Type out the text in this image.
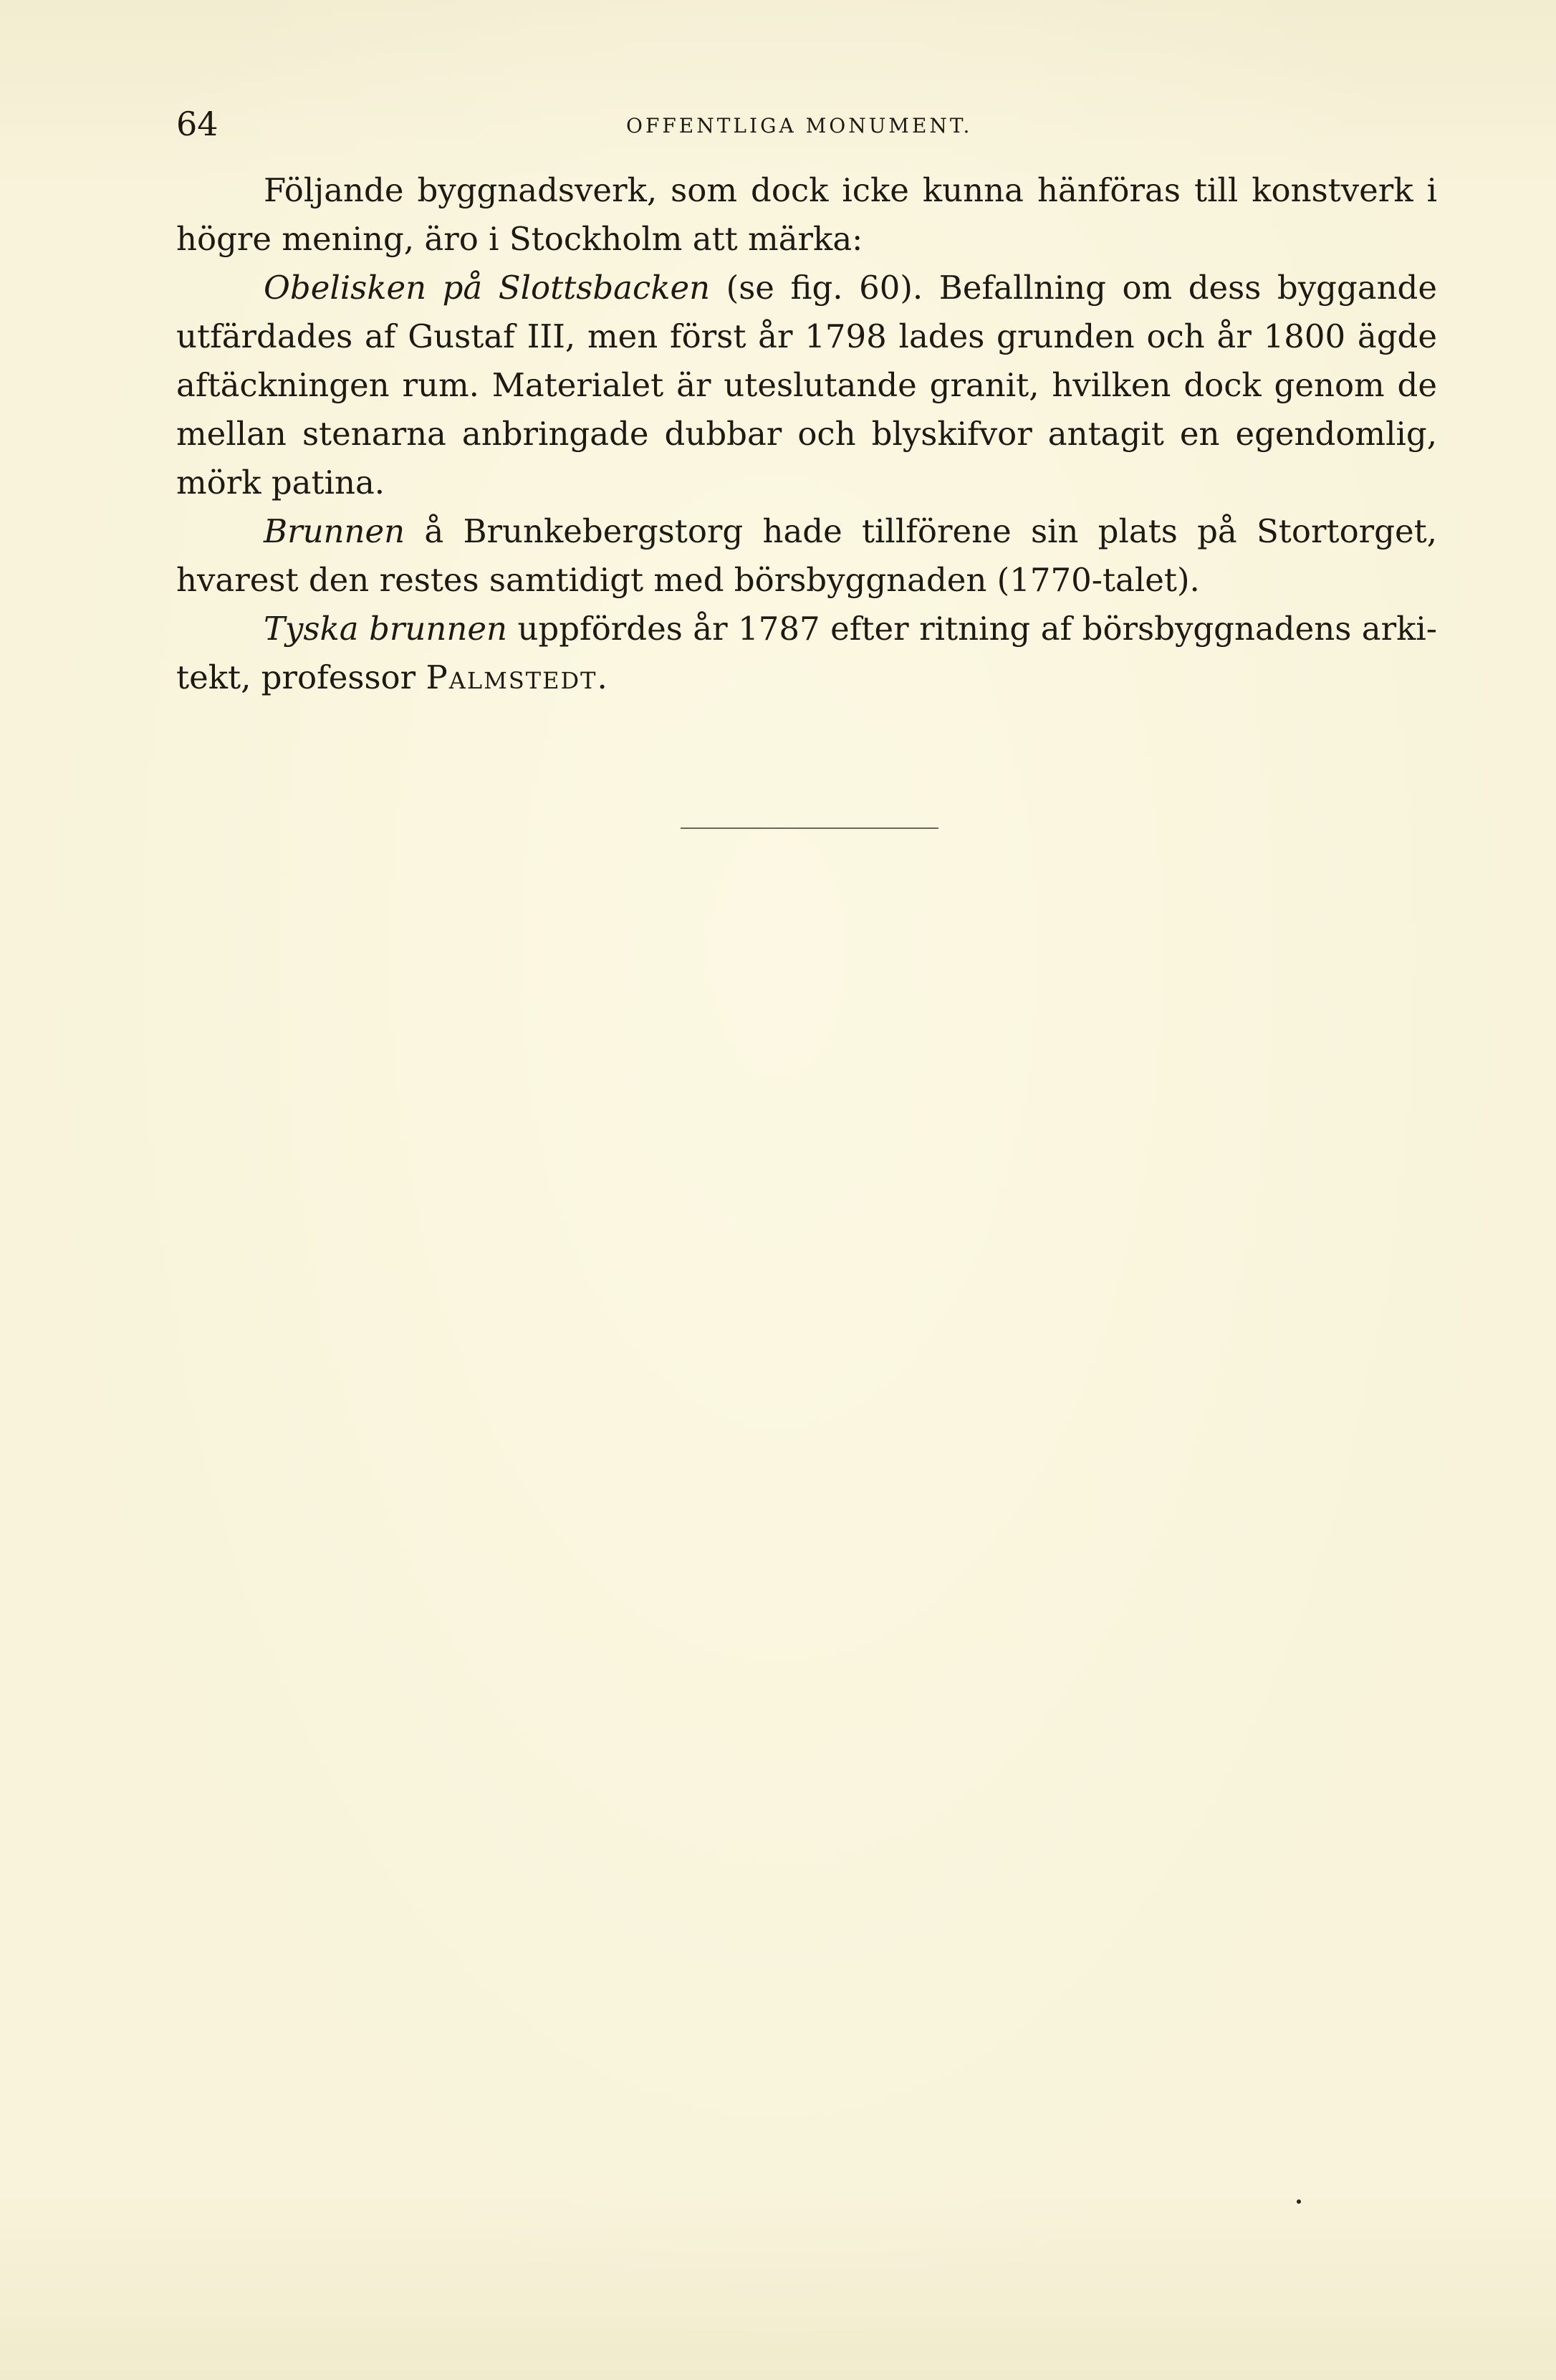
64	OFFENTLIGA MONUMENT.

Följande byggnadsverk, som dock icke kunna hänföras till konstverk i högre mening, äro i Stockholm att märka:

Obelisken på Slottsbacken (se fig. 60). Befallning om dess byggande utfärdades af Gustaf III, men först år 1798 lades grunden och år 1800 ägde aftäckningen rum. Materialet är uteslutande granit, hvilken dock genom de mellan stenarna anbringade dubbar och blyskifvor antagit en egendomlig, mörk patina.

Brunnen å Brunkebergstorg hade tillförene sin plats på Stortorget, hvarest den restes samtidigt med börsbyggnaden (1770-talet).

Tyska brunnen uppfördes år 1787 efter ritning af börsbyggnadens arkitekt, professor Palmstedt.
